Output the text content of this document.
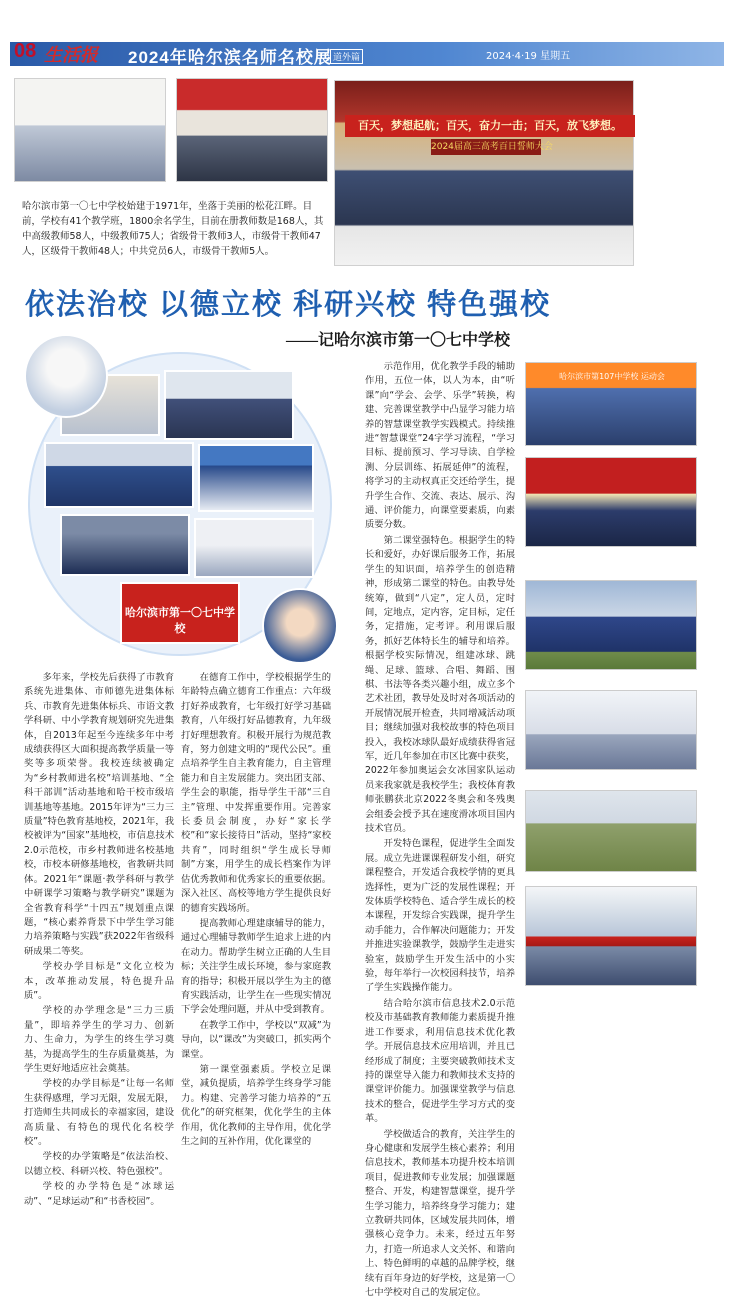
08 生活报 2024年哈尔滨名师名校展 道外篇	2024·4·19 星期五
百天，梦想起航；百天，奋力一击；百天，放飞梦想。
2024届高三高考百日誓师大会

哈尔滨市第一〇七中学校始建于1971年，坐落于美丽的松花江畔。目前，学校有41个教学班，1800余名学生，目前在册教师数是168人，其中高级教师58人，中级教师75人；省级骨干教师3人，市级骨干教师47人，区级骨干教师48人；中共党员6人，市级骨干教师5人。

依法治校 以德立校 科研兴校 特色强校
——记哈尔滨市第一〇七中学校
哈尔滨市第一〇七中学校

多年来，学校先后获得了市教育系统先进集体、市师德先进集体标兵、市教育先进集体标兵、市语文教学科研、中小学教育规划研究先进集体，自2013年起至今连续多年中考成绩获得区大面积提高教学质量一等奖等多项荣誉。我校连续被确定为“乡村教师进名校”培训基地、“全科干部训”活动基地和哈干校市级培训基地等基地。2015年评为“三力三质量”特色教育基地校，2021年，我校被评为“国家”基地校，市信息技术2.0示范校，市乡村教师进名校基地校，市校本研修基地校，省教研共同体。2021年“课题·教学科研与教学中研课学习策略与教学研究”课题为全省教育科学“十四五”规划重点课题，“核心素养背景下中学生学习能力培养策略与实践”获2022年省级科研成果二等奖。

学校办学目标是“文化立校为本，改革推动发展，特色提升品质”。

学校的办学理念是“三力三质量”，即培养学生的学习力、创新力、生命力，为学生的终生学习奠基，为提高学生的生存质量奠基，为学生更好地适应社会奠基。

学校的办学目标是“让每一名师生获得感理，学习无限，发展无限，打造师生共同成长的幸福家园，建设高质量、有特色的现代化名校学校”。

学校的办学策略是“依法治校、以德立校、科研兴校、特色强校”。

学校的办学特色是“冰球运动”、“足球运动”和“书香校园”。

在德育工作中，学校根据学生的年龄特点确立德育工作重点：六年级打好养成教育，七年级打好学习基础教育，八年级打好品德教育，九年级打好理想教育。积极开展行为规范教育，努力创建文明的“现代公民”。重点培养学生自主教育能力，自主管理能力和自主发展能力。突出团支部、学生会的职能，指导学生干部“三自主”管理、中发挥重要作用。完善家长委员会制度，办好“家长学校”和“家长接待日”活动，坚持“家校共育”，同时组织“学生成长导师制”方案，用学生的成长档案作为评估优秀教师和优秀家长的重要依据。深入社区、高校等地方学生提供良好的德育实践场所。

提高教师心理建康辅导的能力，通过心理辅导教师学生追求上进的内在动力。帮助学生树立正确的人生目标；关注学生成长环境，参与家庭教育的指导；积极开展以学生为主的德育实践活动，让学生在一些现实情况下学会处理问题，并从中受到教育。

在教学工作中，学校以“双减”为导向，以“课改”为突破口，抓实两个课堂。

第一课堂强素质。学校立足课堂，减负提质，培养学生终身学习能力。构建、完善学习能力培养的“五优化”的研究框架，优化学生的主体作用，优化教师的主导作用，优化学生之间的互补作用，优化课堂的

示范作用，优化教学手段的辅助作用，五位一体，以人为本，由“听课”向“学会、会学、乐学”转换，构建、完善课堂教学中凸显学习能力培养的智慧课堂教学实践模式。持续推进“智慧课堂”24字学习流程，“学习目标、提前预习、学习导读、自学检测、分层训练、拓展延伸”的流程，将学习的主动权真正交还给学生，提升学生合作、交流、表达、展示、沟通、评价能力，向课堂要素质，向素质要分数。

第二课堂强特色。根据学生的特长和爱好，办好课后服务工作，拓展学生的知识面，培养学生的创造精神，形成第二课堂的特色。由教导处统筹，做到“八定”，定人员，定时间，定地点，定内容，定目标，定任务，定措施，定考评。利用课后服务，抓好艺体特长生的辅导和培养。根据学校实际情况，组建冰球、跳绳、足球、篮球、合唱、舞蹈、围棋、书法等各类兴趣小组，成立多个艺术社团，教导处及时对各项活动的开展情况展开检查，共同增减活动项目；继续加强对我校故事的特色项目投入，我校冰球队最好成绩获得省冠军，近几年参加在市区比赛中获奖，2022年参加奥运会女冰国家队运动员来我家就是我校学生；我校体育教师张鹏获北京2022冬奥会和冬残奥会组委会授予其在速度滑冰项目国内技术官员。

开发特色课程，促进学生全面发展。成立先进课课程研发小组，研究课程整合，开发适合我校学情的更具选择性，更为广泛的发展性课程；开发体质学校特色、适合学生成长的校本课程，开发综合实践课，提升学生动手能力，合作解决问题能力；开发并推进实验课教学，鼓励学生走进实验室，鼓励学生开发生活中的小实验，每年举行一次校园科技节，培养了学生实践操作能力。

结合哈尔滨市信息技术2.0示范校及市基础教育教师能力素质提升推进工作要求，利用信息技术优化教学。开展信息技术应用培训，并且已经形成了制度；主要突破教师技术支持的课堂导入能力和教师技术支持的课堂评价能力。加强课堂教学与信息技术的整合，促进学生学习方式的变革。

学校做适合的教育，关注学生的身心健康和发展学生核心素养；利用信息技术，教师基本功提升校本培训项目，促进教师专业发展；加强课题整合、开发，构建智慧课堂，提升学生学习能力，培养终身学习能力；建立教研共同体，区域发展共同体，增强核心竞争力。未来，经过五年努力，打造一所追求人文关怀、和谐向上、特色鲜明的卓越的品牌学校，继续有百年身边的好学校，这是第一〇七中学校对自己的发展定位。

哈尔滨市第107中学校 运动会
